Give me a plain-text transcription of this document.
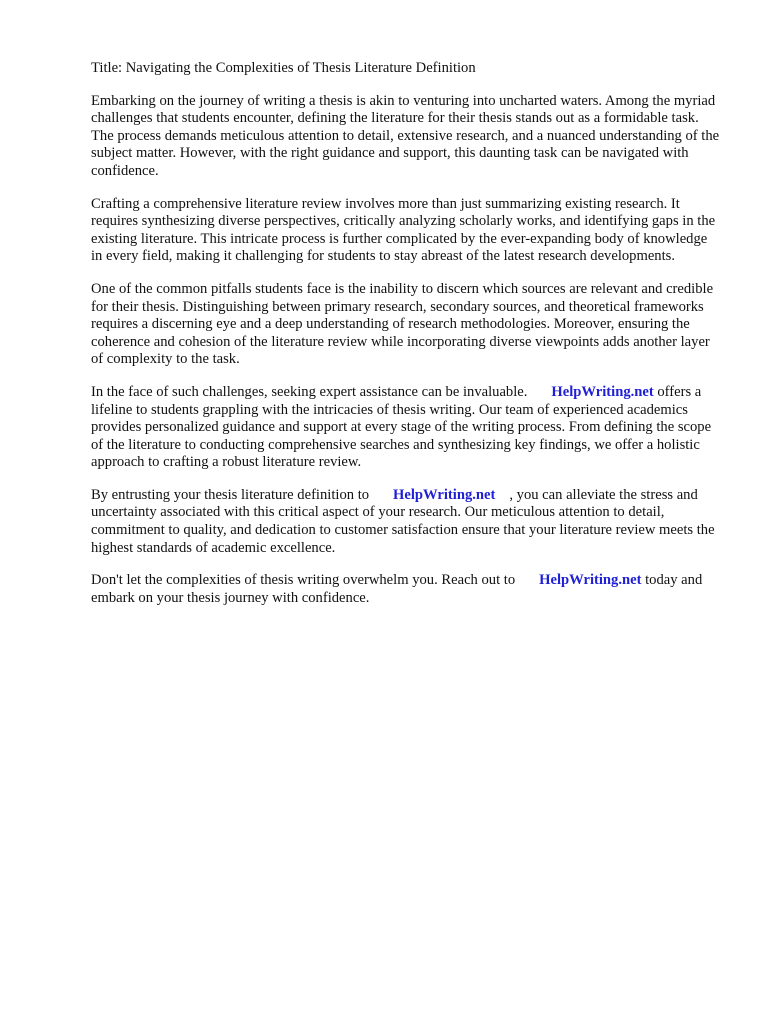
Title: Navigating the Complexities of Thesis Literature Definition

Embarking on the journey of writing a thesis is akin to venturing into uncharted waters. Among the myriad challenges that students encounter, defining the literature for their thesis stands out as a formidable task. The process demands meticulous attention to detail, extensive research, and a nuanced understanding of the subject matter. However, with the right guidance and support, this daunting task can be navigated with confidence.

Crafting a comprehensive literature review involves more than just summarizing existing research. It requires synthesizing diverse perspectives, critically analyzing scholarly works, and identifying gaps in the existing literature. This intricate process is further complicated by the ever-expanding body of knowledge in every field, making it challenging for students to stay abreast of the latest research developments.

One of the common pitfalls students face is the inability to discern which sources are relevant and credible for their thesis. Distinguishing between primary research, secondary sources, and theoretical frameworks requires a discerning eye and a deep understanding of research methodologies. Moreover, ensuring the coherence and cohesion of the literature review while incorporating diverse viewpoints adds another layer of complexity to the task.

In the face of such challenges, seeking expert assistance can be invaluable. HelpWriting.net offers a lifeline to students grappling with the intricacies of thesis writing. Our team of experienced academics provides personalized guidance and support at every stage of the writing process. From defining the scope of the literature to conducting comprehensive searches and synthesizing key findings, we offer a holistic approach to crafting a robust literature review.

By entrusting your thesis literature definition to HelpWriting.net , you can alleviate the stress and uncertainty associated with this critical aspect of your research. Our meticulous attention to detail, commitment to quality, and dedication to customer satisfaction ensure that your literature review meets the highest standards of academic excellence.

Don't let the complexities of thesis writing overwhelm you. Reach out to HelpWriting.net today and embark on your thesis journey with confidence.
